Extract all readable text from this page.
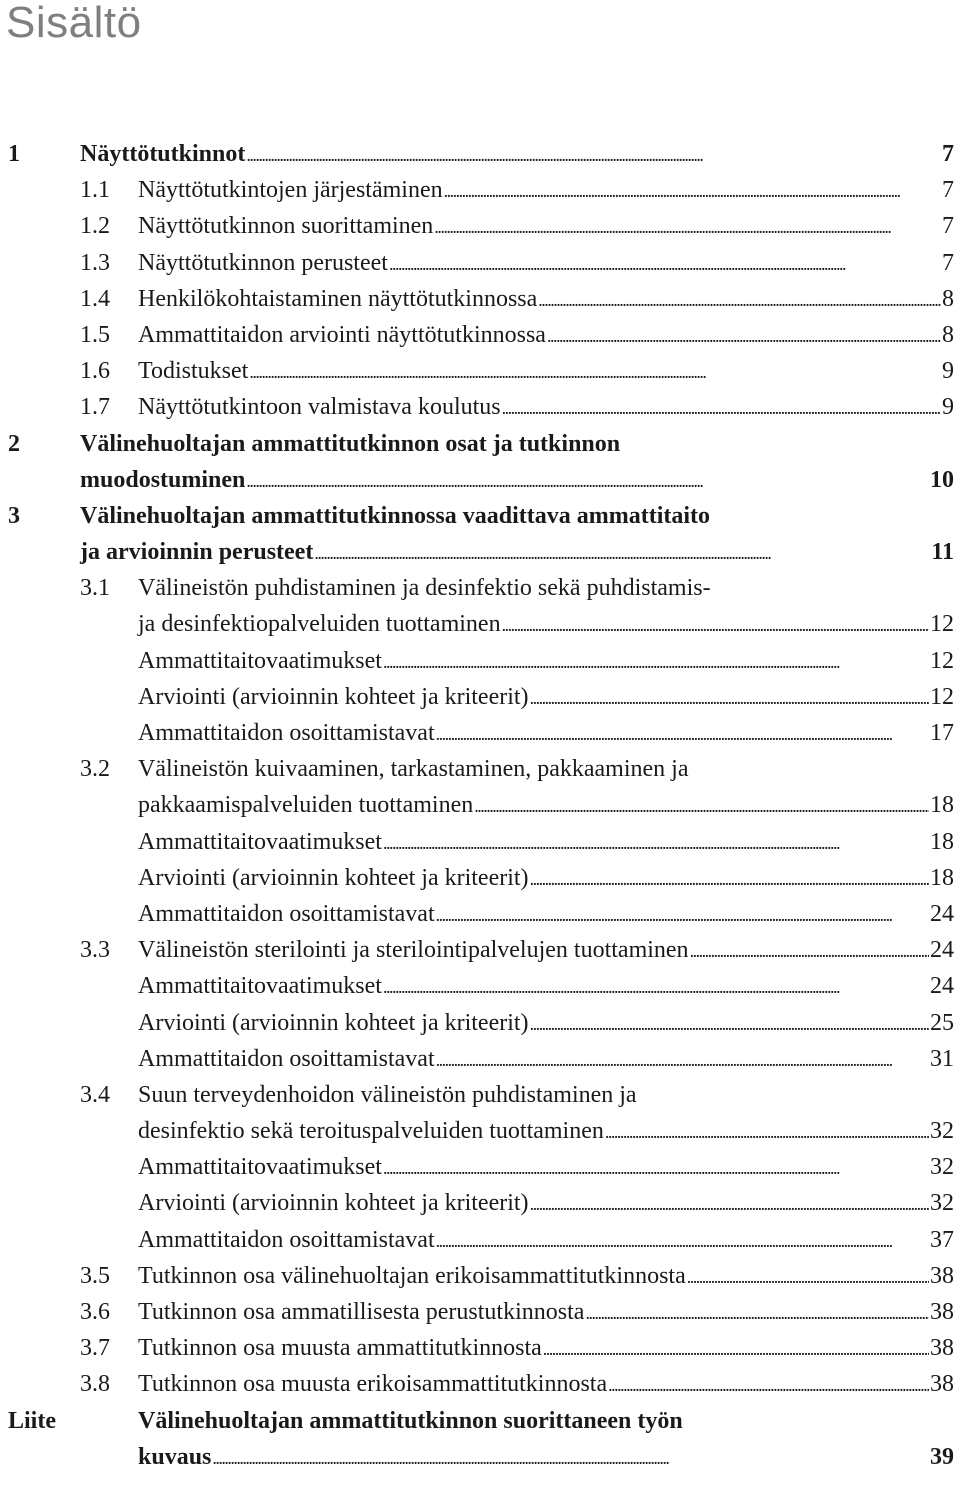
Sisältö
1	Näyttötutkinnot . . .	7
1.1 Näyttötutkintojen järjestäminen . . .	7
1.2 Näyttötutkinnon suorittaminen . . .	7
1.3 Näyttötutkinnon perusteet . . .	7
1.4 Henkilökohtaistaminen näyttötutkinnossa . . .	8
1.5 Ammattitaidon arviointi näyttötutkinnossa . . .	8
1.6 Todistukset . . .	9
1.7 Näyttötutkintoon valmistava koulutus . . .	9
2	Välinehuoltajan ammattitutkinnon osat ja tutkinnon
muodostuminen . . .	10
3	Välinehuoltajan ammattitutkinnossa vaadittava ammattitaito
ja arvioinnin perusteet . . .	11
3.1 Välineistön puhdistaminen ja desinfektio sekä puhdistamis-
ja desinfektiopalveluiden tuottaminen . . .	12
Ammattitaitovaatimukset . . .	12
Arviointi (arvioinnin kohteet ja kriteerit) . . .	12
Ammattitaidon osoittamistavat . . .	17
3.2 Välineistön kuivaaminen, tarkastaminen, pakkaaminen ja
pakkaamispalveluiden tuottaminen . . .	18
Ammattitaitovaatimukset . . .	18
Arviointi (arvioinnin kohteet ja kriteerit) . . .	18
Ammattitaidon osoittamistavat . . .	24
3.3 Välineistön sterilointi ja sterilointipalvelujen tuottaminen . . .	24
Ammattitaitovaatimukset . . .	24
Arviointi (arvioinnin kohteet ja kriteerit) . . .	25
Ammattitaidon osoittamistavat . . .	31
3.4 Suun terveydenhoidon välineistön puhdistaminen ja
desinfektio sekä teroituspalveluiden tuottaminen . . .	32
Ammattitaitovaatimukset . . .	32
Arviointi (arvioinnin kohteet ja kriteerit) . . .	32
Ammattitaidon osoittamistavat . . .	37
3.5 Tutkinnon osa välinehuoltajan erikoisammattitutkinnosta . . .	38
3.6 Tutkinnon osa ammatillisesta perustutkinnosta . . .	38
3.7 Tutkinnon osa muusta ammattitutkinnosta . . .	38
3.8 Tutkinnon osa muusta erikoisammattitutkinnosta . . .	38
Liite	Välinehuoltajan ammattitutkinnon suorittaneen työn
kuvaus . . .	39
